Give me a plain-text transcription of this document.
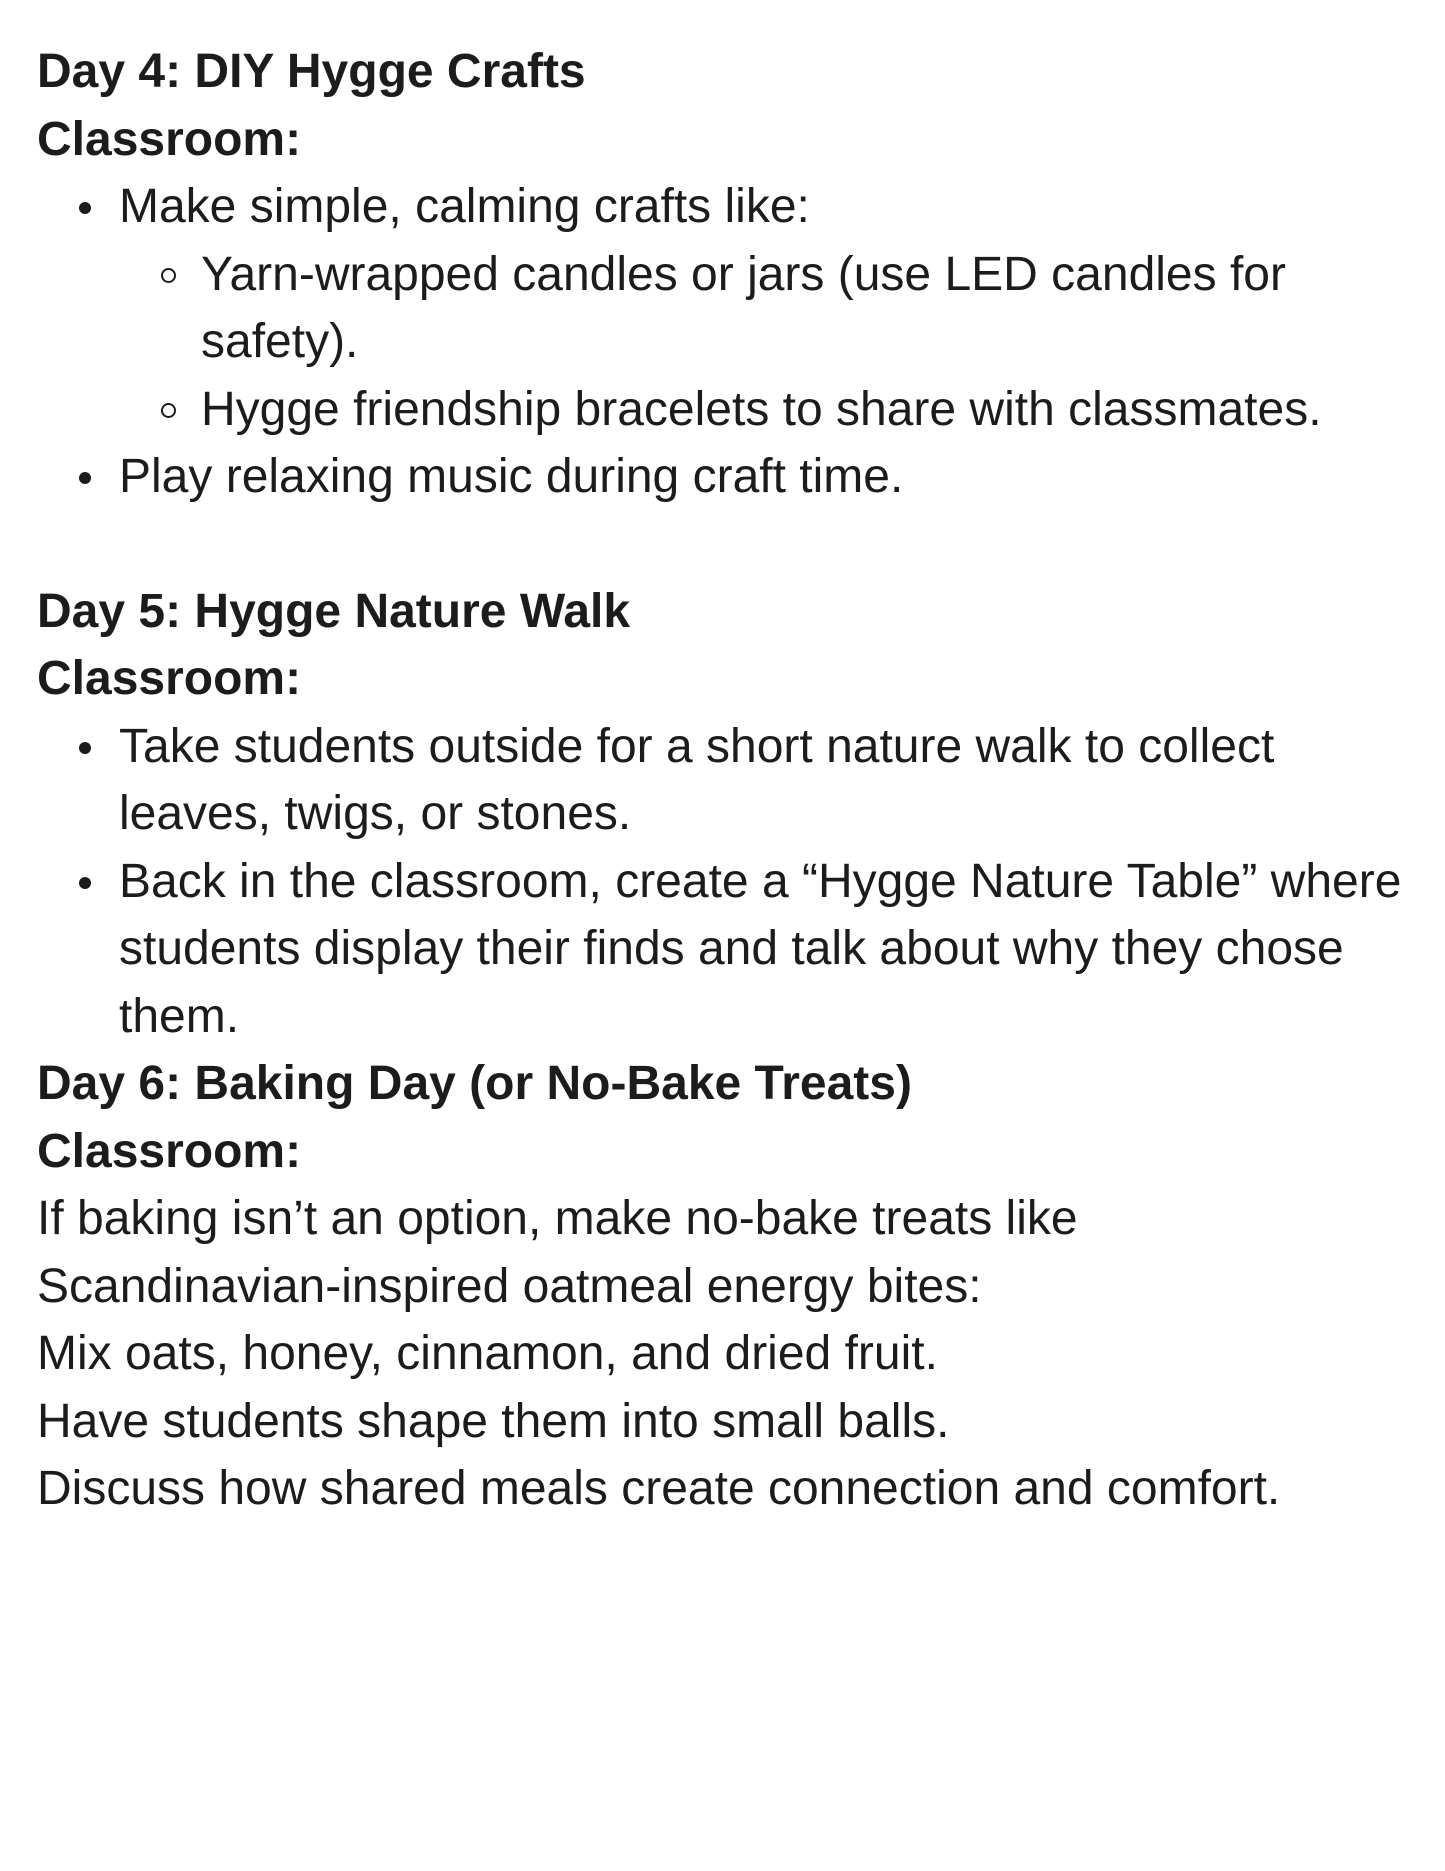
Day 4: DIY Hygge Crafts

Classroom:

Make simple, calming crafts like:
Yarn-wrapped candles or jars (use LED candles for safety).
Hygge friendship bracelets to share with classmates.
Play relaxing music during craft time.

Day 5: Hygge Nature Walk

Classroom:

Take students outside for a short nature walk to collect leaves, twigs, or stones.
Back in the classroom, create a “Hygge Nature Table” where students display their finds and talk about why they chose them.

Day 6: Baking Day (or No-Bake Treats)

Classroom:

If baking isn’t an option, make no-bake treats like

Scandinavian-inspired oatmeal energy bites:

Mix oats, honey, cinnamon, and dried fruit.

Have students shape them into small balls.

Discuss how shared meals create connection and comfort.
